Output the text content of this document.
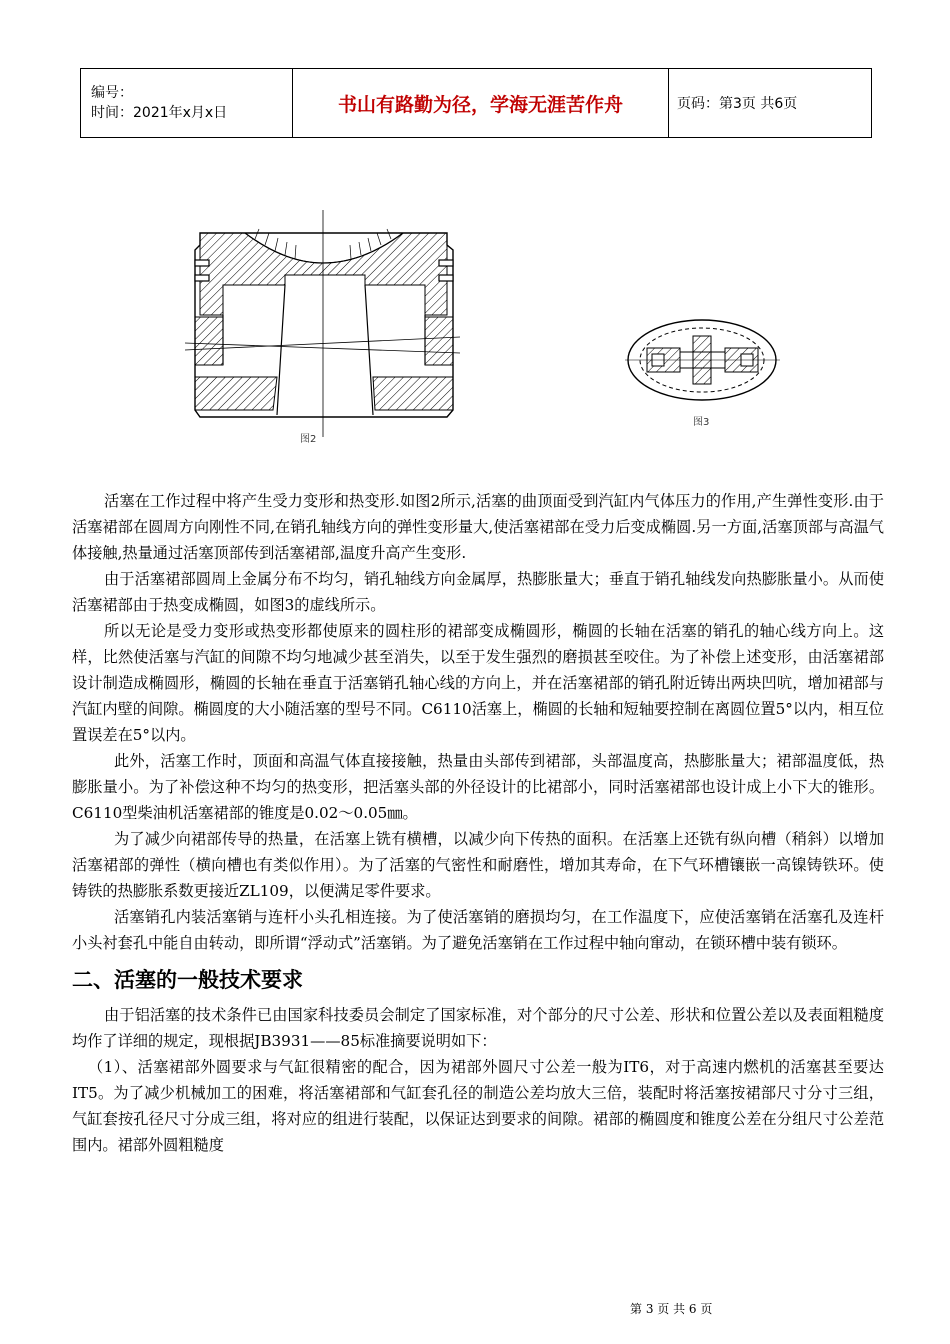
编号：
时间：2021年x月x日	书山有路勤为径，学海无涯苦作舟	页码：第3页 共6页
图2
图3

活塞在工作过程中将产生受力变形和热变形.如图2所示,活塞的曲顶面受到汽缸内气体压力的作用,产生弹性变形.由于活塞裙部在圆周方向刚性不同,在销孔轴线方向的弹性变形量大,使活塞裙部在受力后变成椭圆.另一方面,活塞顶部与高温气体接触,热量通过活塞顶部传到活塞裙部,温度升高产生变形.

由于活塞裙部圆周上金属分布不均匀，销孔轴线方向金属厚，热膨胀量大；垂直于销孔轴线发向热膨胀量小。从而使活塞裙部由于热变成椭圆，如图3的虚线所示。

所以无论是受力变形或热变形都使原来的圆柱形的裙部变成椭圆形，椭圆的长轴在活塞的销孔的轴心线方向上。这样，比然使活塞与汽缸的间隙不均匀地减少甚至消失，以至于发生强烈的磨损甚至咬住。为了补偿上述变形，由活塞裙部设计制造成椭圆形，椭圆的长轴在垂直于活塞销孔轴心线的方向上，并在活塞裙部的销孔附近铸出两块凹吭，增加裙部与汽缸内壁的间隙。椭圆度的大小随活塞的型号不同。C6110活塞上，椭圆的长轴和短轴要控制在离圆位置5°以内，相互位置误差在5°以内。

此外，活塞工作时，顶面和高温气体直接接触，热量由头部传到裙部，头部温度高，热膨胀量大；裙部温度低，热膨胀量小。为了补偿这种不均匀的热变形，把活塞头部的外径设计的比裙部小，同时活塞裙部也设计成上小下大的锥形。C6110型柴油机活塞裙部的锥度是0.02～0.05㎜。

为了减少向裙部传导的热量，在活塞上铣有横槽，以减少向下传热的面积。在活塞上还铣有纵向槽（稍斜）以增加活塞裙部的弹性（横向槽也有类似作用）。为了活塞的气密性和耐磨性，增加其寿命，在下气环槽镶嵌一高镍铸铁环。使铸铁的热膨胀系数更接近ZL109，以便满足零件要求。

活塞销孔内装活塞销与连杆小头孔相连接。为了使活塞销的磨损均匀，在工作温度下，应使活塞销在活塞孔及连杆小头衬套孔中能自由转动，即所谓“浮动式”活塞销。为了避免活塞销在工作过程中轴向窜动，在锁环槽中装有锁环。

二、活塞的一般技术要求

由于铝活塞的技术条件已由国家科技委员会制定了国家标准，对个部分的尺寸公差、形状和位置公差以及表面粗糙度均作了详细的规定，现根据JB3931——85标准摘要说明如下：

（1）、活塞裙部外圆要求与气缸很精密的配合，因为裙部外圆尺寸公差一般为IT6，对于高速内燃机的活塞甚至要达IT5。为了减少机械加工的困难，将活塞裙部和气缸套孔径的制造公差均放大三倍，装配时将活塞按裙部尺寸分寸三组，气缸套按孔径尺寸分成三组，将对应的组进行装配，以保证达到要求的间隙。裙部的椭圆度和锥度公差在分组尺寸公差范围内。裙部外圆粗糙度

第 3 页 共 6 页
